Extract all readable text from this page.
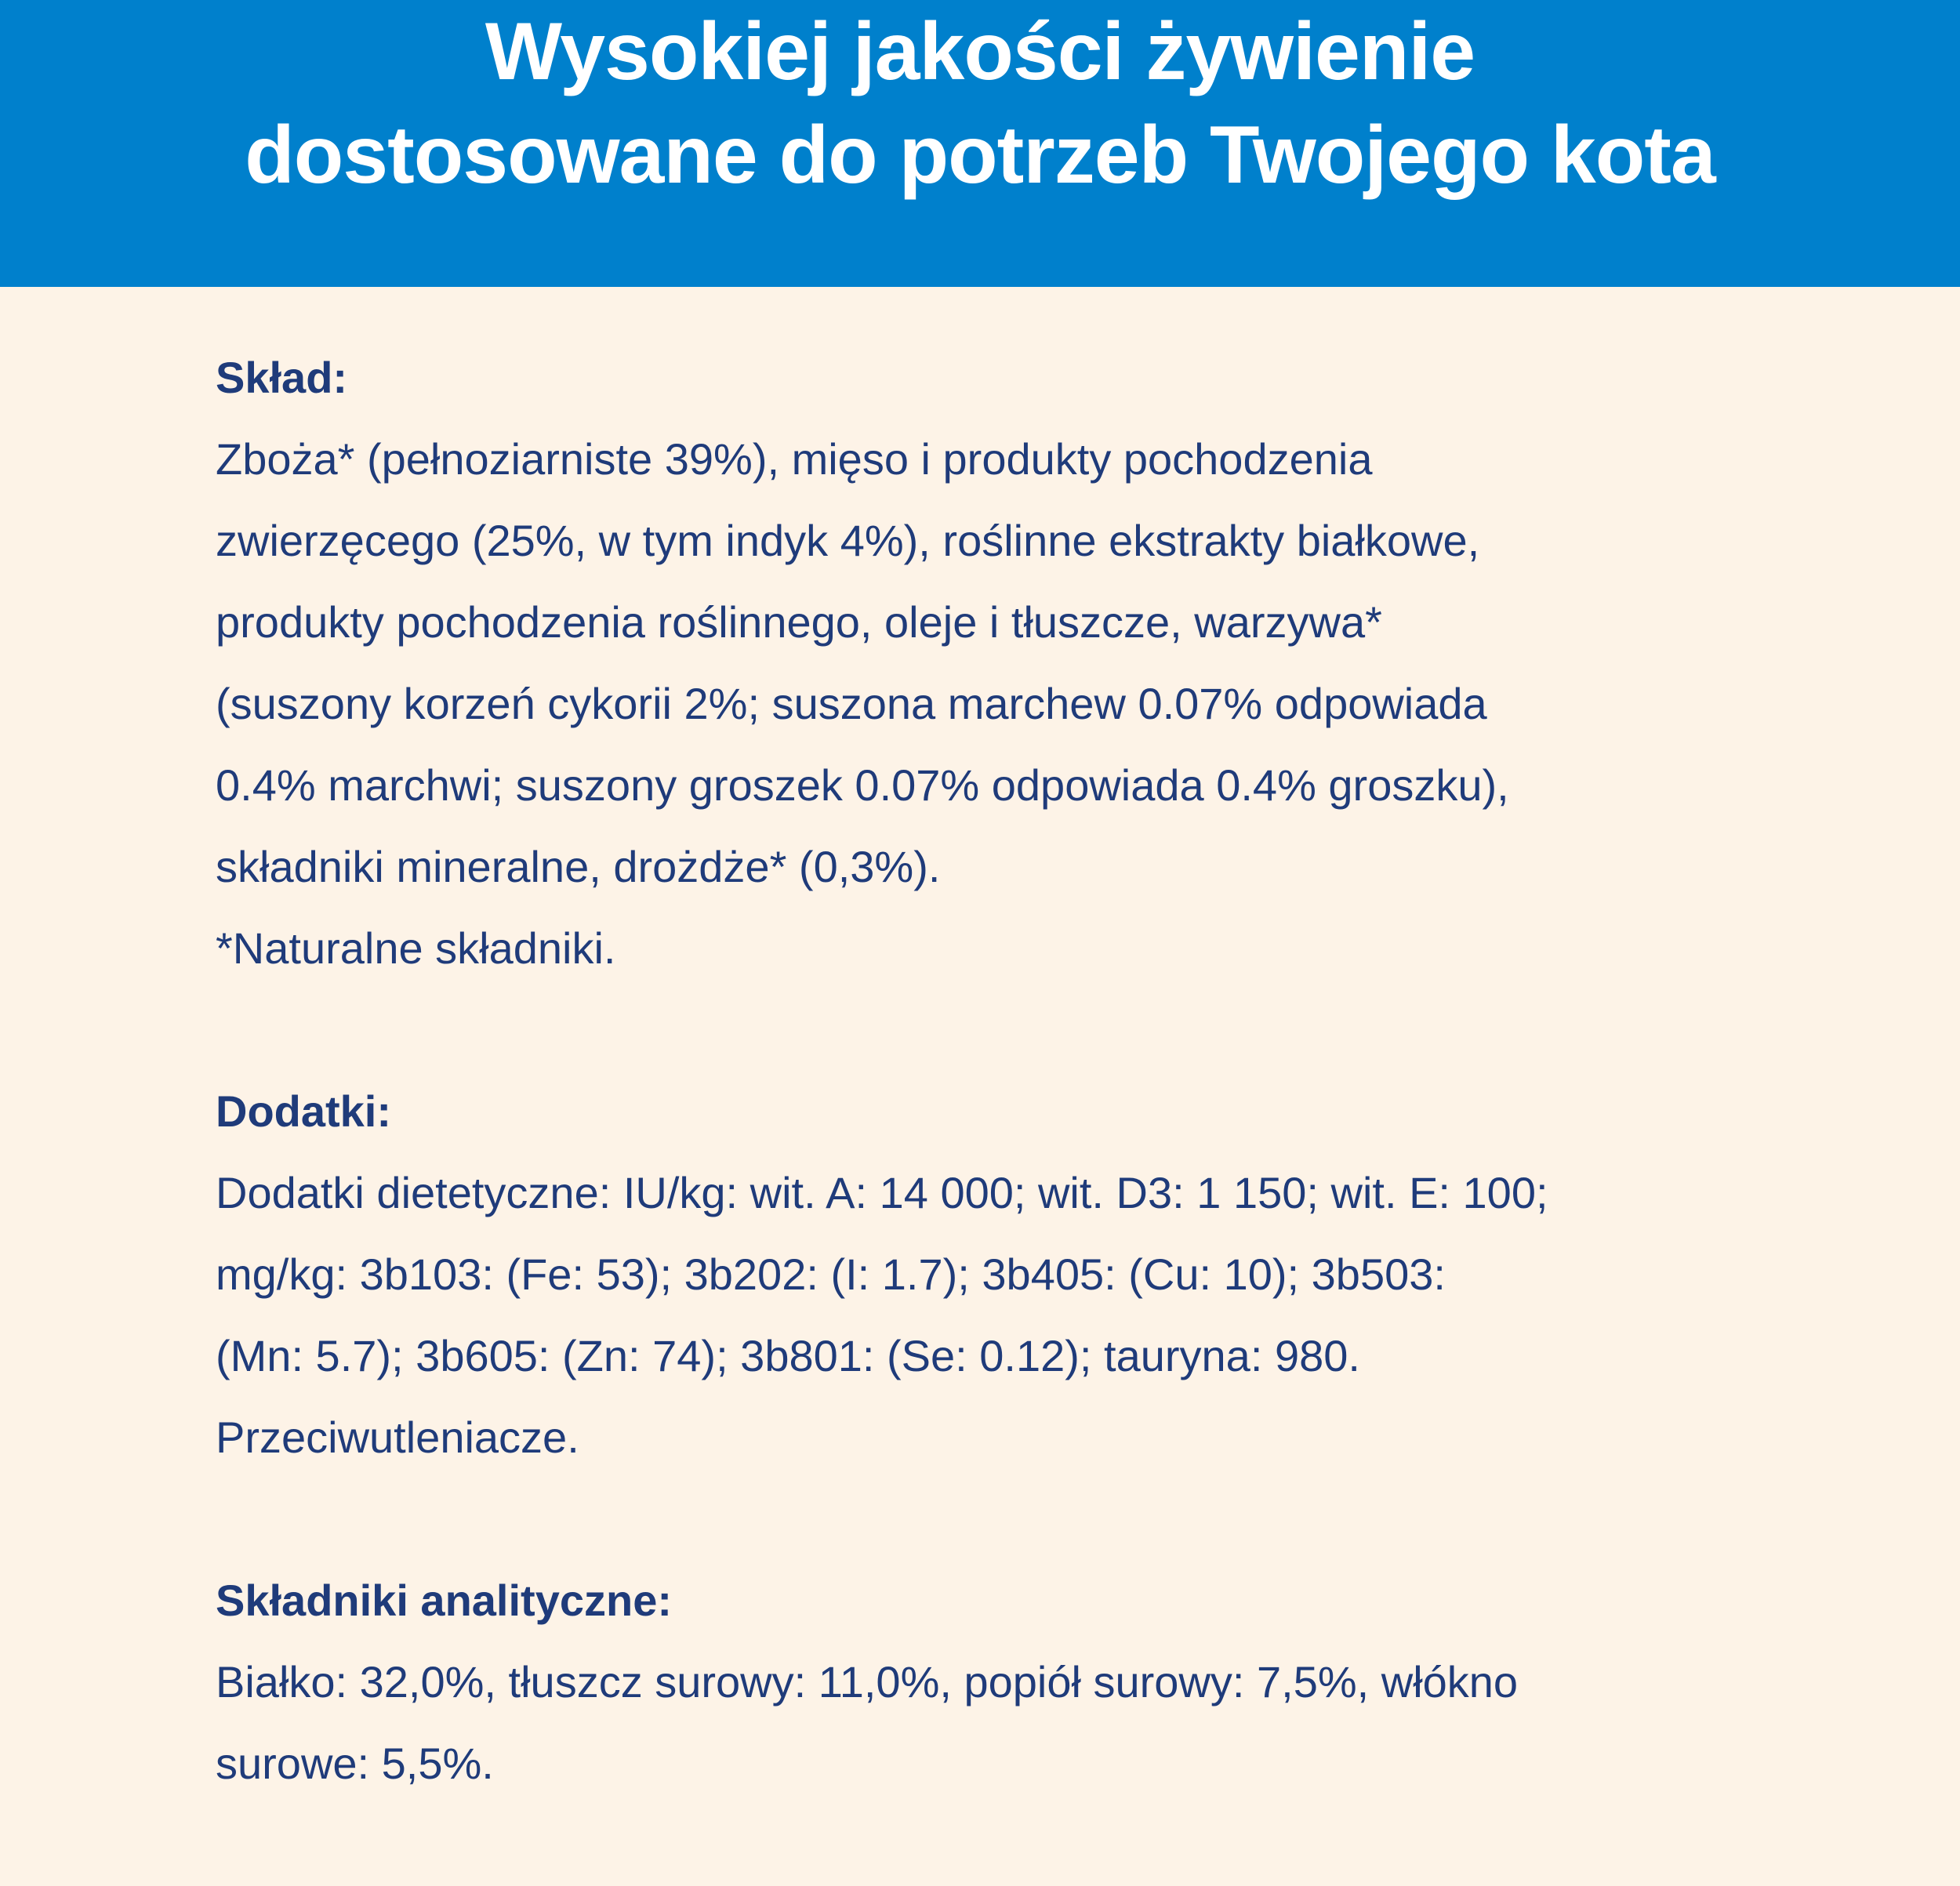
Wysokiej jakości żywienie
dostosowane do potrzeb Twojego kota
Skład:
Zboża* (pełnoziarniste 39%), mięso i produkty pochodzenia
zwierzęcego (25%, w tym indyk 4%), roślinne ekstrakty białkowe,
produkty pochodzenia roślinnego, oleje i tłuszcze, warzywa*
(suszony korzeń cykorii 2%; suszona marchew 0.07% odpowiada
0.4% marchwi; suszony groszek 0.07% odpowiada 0.4% groszku),
składniki mineralne, drożdże* (0,3%).
*Naturalne składniki.
Dodatki:
Dodatki dietetyczne: IU/kg: wit. A: 14 000; wit. D3: 1 150; wit. E: 100;
mg/kg: 3b103: (Fe: 53); 3b202: (I: 1.7); 3b405: (Cu: 10); 3b503:
(Mn: 5.7); 3b605: (Zn: 74); 3b801: (Se: 0.12); tauryna: 980.
Przeciwutleniacze.
Składniki analityczne:
Białko: 32,0%, tłuszcz surowy: 11,0%, popiół surowy: 7,5%, włókno
surowe: 5,5%.
